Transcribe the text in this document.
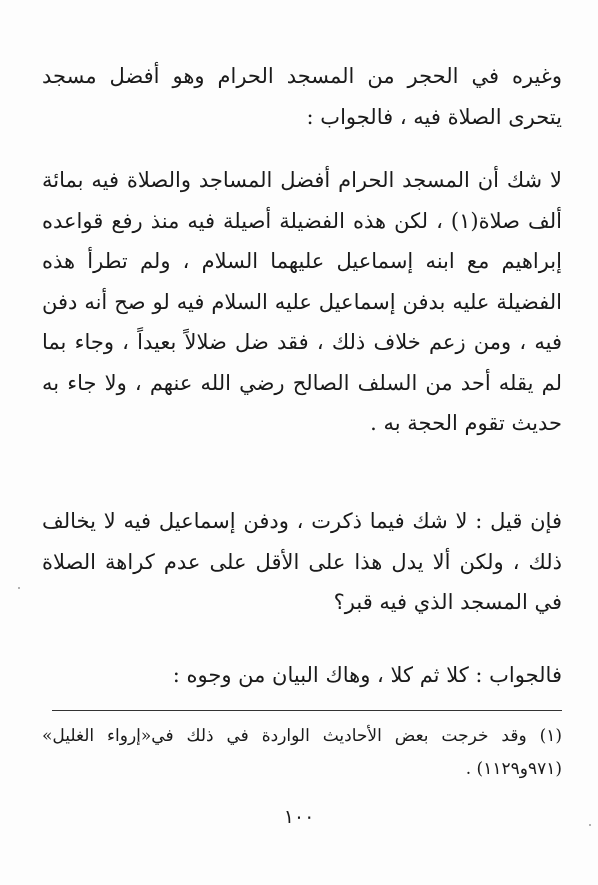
وغيره في الحجر من المسجد الحرام وهو أفضل مسجد يتحرى الصلاة فيه ، فالجواب :

لا شك أن المسجد الحرام أفضل المساجد والصلاة فيه بمائة ألف صلاة(١) ، لكن هذه الفضيلة أصيلة فيه منذ رفع قواعده إبراهيم مع ابنه إسماعيل عليهما السلام ، ولم تطرأ هذه الفضيلة عليه بدفن إسماعيل عليه السلام فيه لو صح أنه دفن فيه ، ومن زعم خلاف ذلك ، فقد ضل ضلالاً بعيداً ، وجاء بما لم يقله أحد من السلف الصالح رضي الله عنهم ، ولا جاء به حديث تقوم الحجة به .

فإن قيل : لا شك فيما ذكرت ، ودفن إسماعيل فيه لا يخالف ذلك ، ولكن ألا يدل هذا على الأقل على عدم كراهة الصلاة في المسجد الذي فيه قبر؟

فالجواب : كلا ثم كلا ، وهاك البيان من وجوه :

(١) وقد خرجت بعض الأحاديث الواردة في ذلك في«إرواء الغليل» (٩٧١و١١٢٩) .

١٠٠
